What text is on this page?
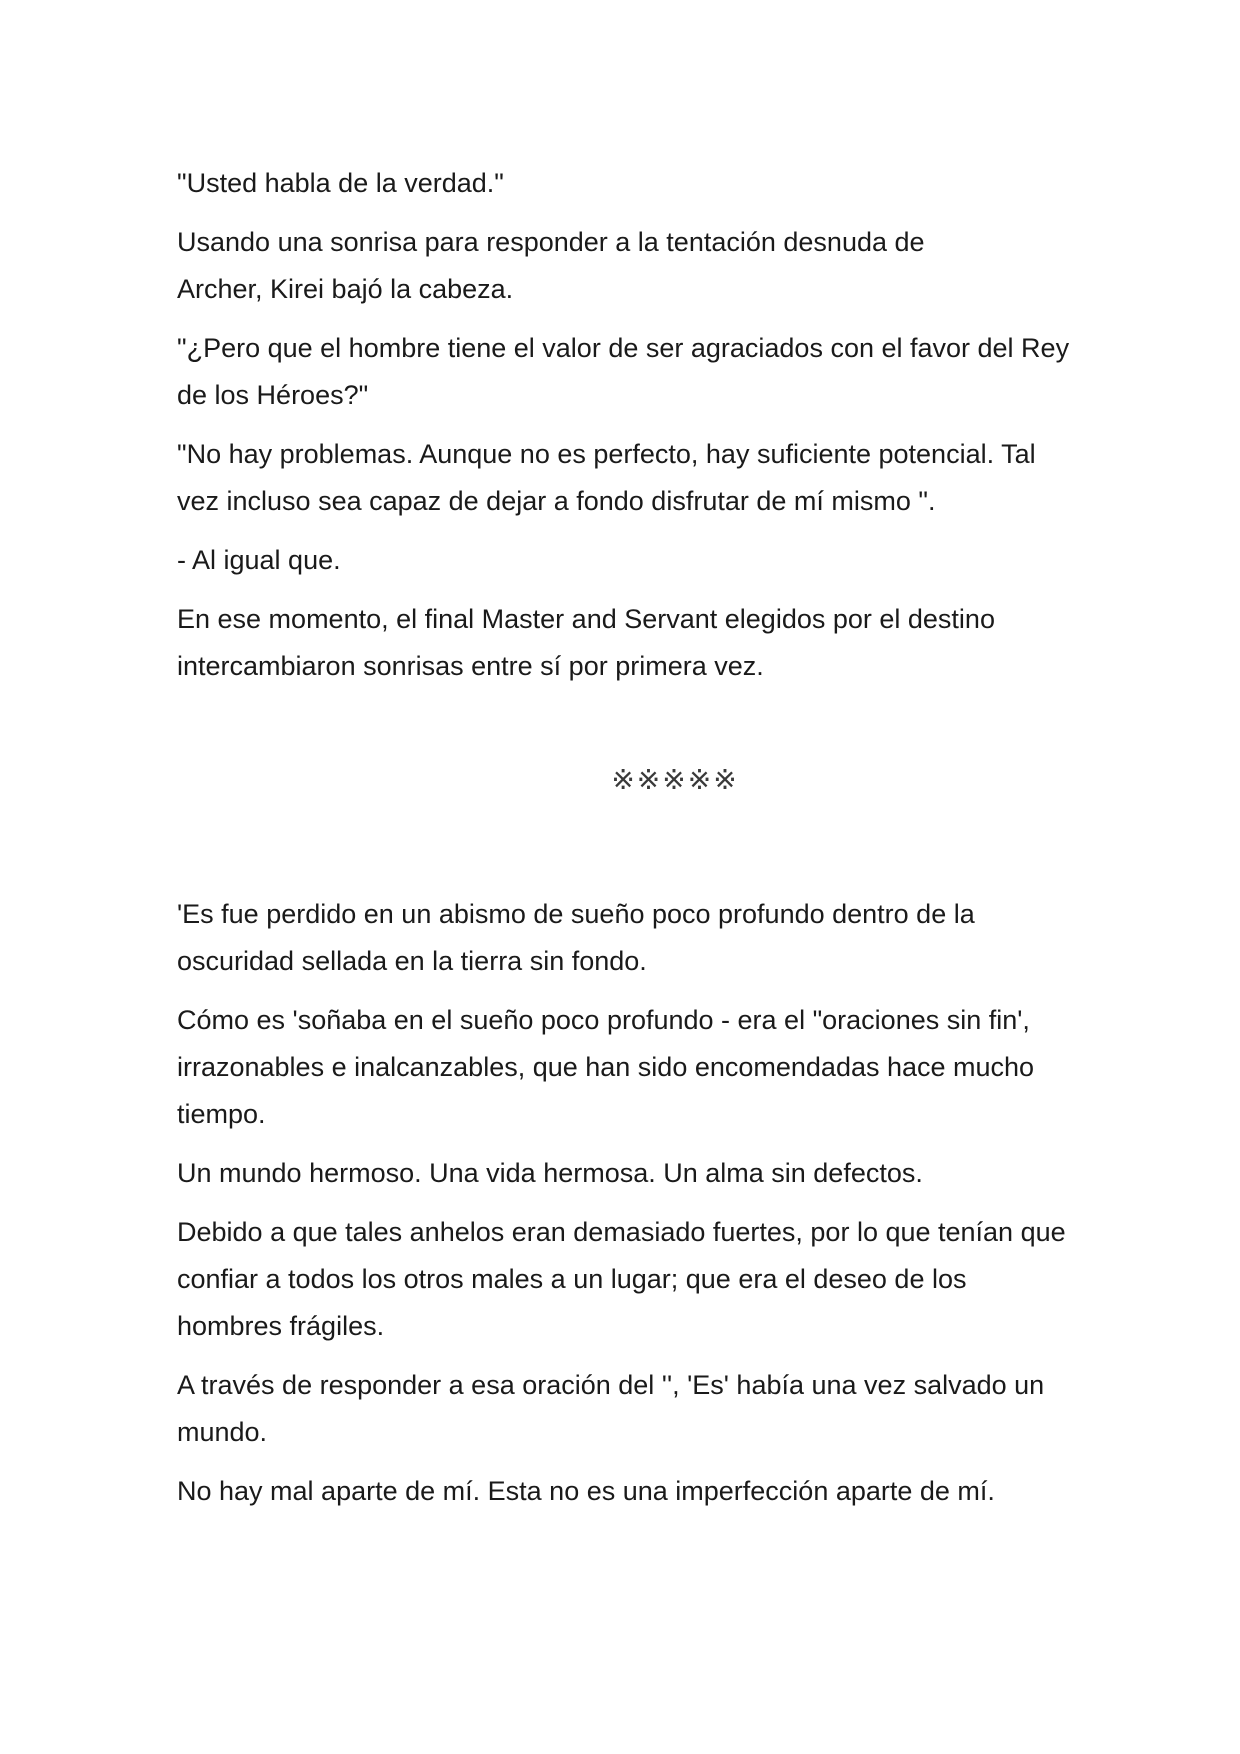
"Usted habla de la verdad."

Usando una sonrisa para responder a la tentación desnuda de Archer, Kirei bajó la cabeza.

"¿Pero que el hombre tiene el valor de ser agraciados con el favor del Rey de los Héroes?"

"No hay problemas. Aunque no es perfecto, hay suficiente potencial. Tal vez incluso sea capaz de dejar a fondo disfrutar de mí mismo ".

- Al igual que.

En ese momento, el final Master and Servant elegidos por el destino intercambiaron sonrisas entre sí por primera vez.

※※※※※

'Es fue perdido en un abismo de sueño poco profundo dentro de la oscuridad sellada en la tierra sin fondo.

Cómo es 'soñaba en el sueño poco profundo - era el "oraciones sin fin', irrazonables e inalcanzables, que han sido encomendadas hace mucho tiempo.

Un mundo hermoso. Una vida hermosa. Un alma sin defectos.

Debido a que tales anhelos eran demasiado fuertes, por lo que tenían que confiar a todos los otros males a un lugar; que era el deseo de los hombres frágiles.

A través de responder a esa oración del '', 'Es' había una vez salvado un mundo.

No hay mal aparte de mí. Esta no es una imperfección aparte de mí.
